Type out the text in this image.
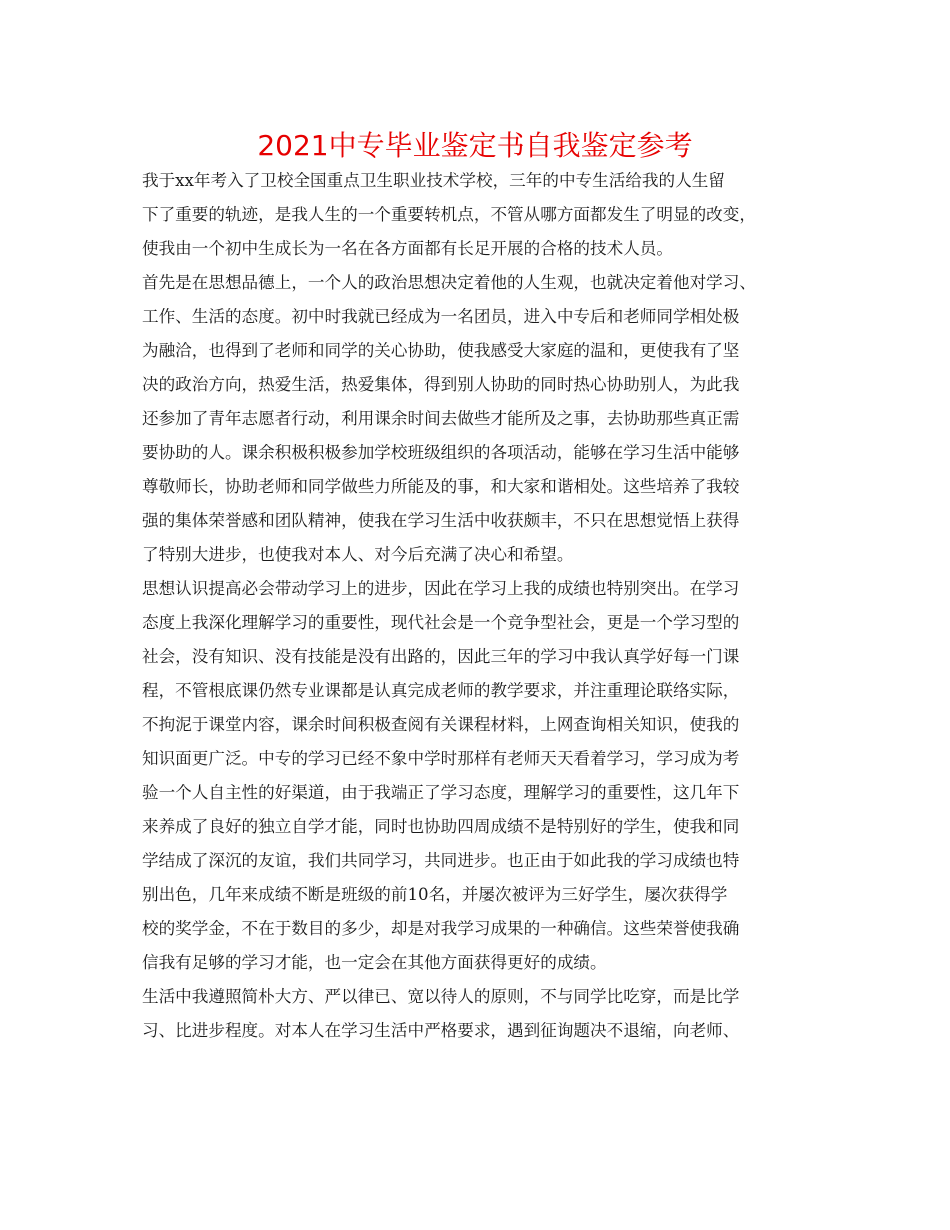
2021中专毕业鉴定书自我鉴定参考
我于xx年考入了卫校全国重点卫生职业技术学校，三年的中专生活给我的人生留
下了重要的轨迹，是我人生的一个重要转机点，不管从哪方面都发生了明显的改变，
使我由一个初中生成长为一名在各方面都有长足开展的合格的技术人员。
首先是在思想品德上，一个人的政治思想决定着他的人生观，也就决定着他对学习、
工作、生活的态度。初中时我就已经成为一名团员，进入中专后和老师同学相处极
为融洽，也得到了老师和同学的关心协助，使我感受大家庭的温和，更使我有了坚
决的政治方向，热爱生活，热爱集体，得到别人协助的同时热心协助别人，为此我
还参加了青年志愿者行动，利用课余时间去做些才能所及之事，去协助那些真正需
要协助的人。课余积极积极参加学校班级组织的各项活动，能够在学习生活中能够
尊敬师长，协助老师和同学做些力所能及的事，和大家和谐相处。这些培养了我较
强的集体荣誉感和团队精神，使我在学习生活中收获颇丰，不只在思想觉悟上获得
了特别大进步，也使我对本人、对今后充满了决心和希望。
思想认识提高必会带动学习上的进步，因此在学习上我的成绩也特别突出。在学习
态度上我深化理解学习的重要性，现代社会是一个竞争型社会，更是一个学习型的
社会，没有知识、没有技能是没有出路的，因此三年的学习中我认真学好每一门课
程，不管根底课仍然专业课都是认真完成老师的教学要求，并注重理论联络实际，
不拘泥于课堂内容，课余时间积极查阅有关课程材料，上网查询相关知识，使我的
知识面更广泛。中专的学习已经不象中学时那样有老师天天看着学习，学习成为考
验一个人自主性的好渠道，由于我端正了学习态度，理解学习的重要性，这几年下
来养成了良好的独立自学才能，同时也协助四周成绩不是特别好的学生，使我和同
学结成了深沉的友谊，我们共同学习，共同进步。也正由于如此我的学习成绩也特
别出色，几年来成绩不断是班级的前10名，并屡次被评为三好学生，屡次获得学
校的奖学金，不在于数目的多少，却是对我学习成果的一种确信。这些荣誉使我确
信我有足够的学习才能，也一定会在其他方面获得更好的成绩。
生活中我遵照简朴大方、严以律已、宽以待人的原则，不与同学比吃穿，而是比学
习、比进步程度。对本人在学习生活中严格要求，遇到征询题决不退缩，向老师、
